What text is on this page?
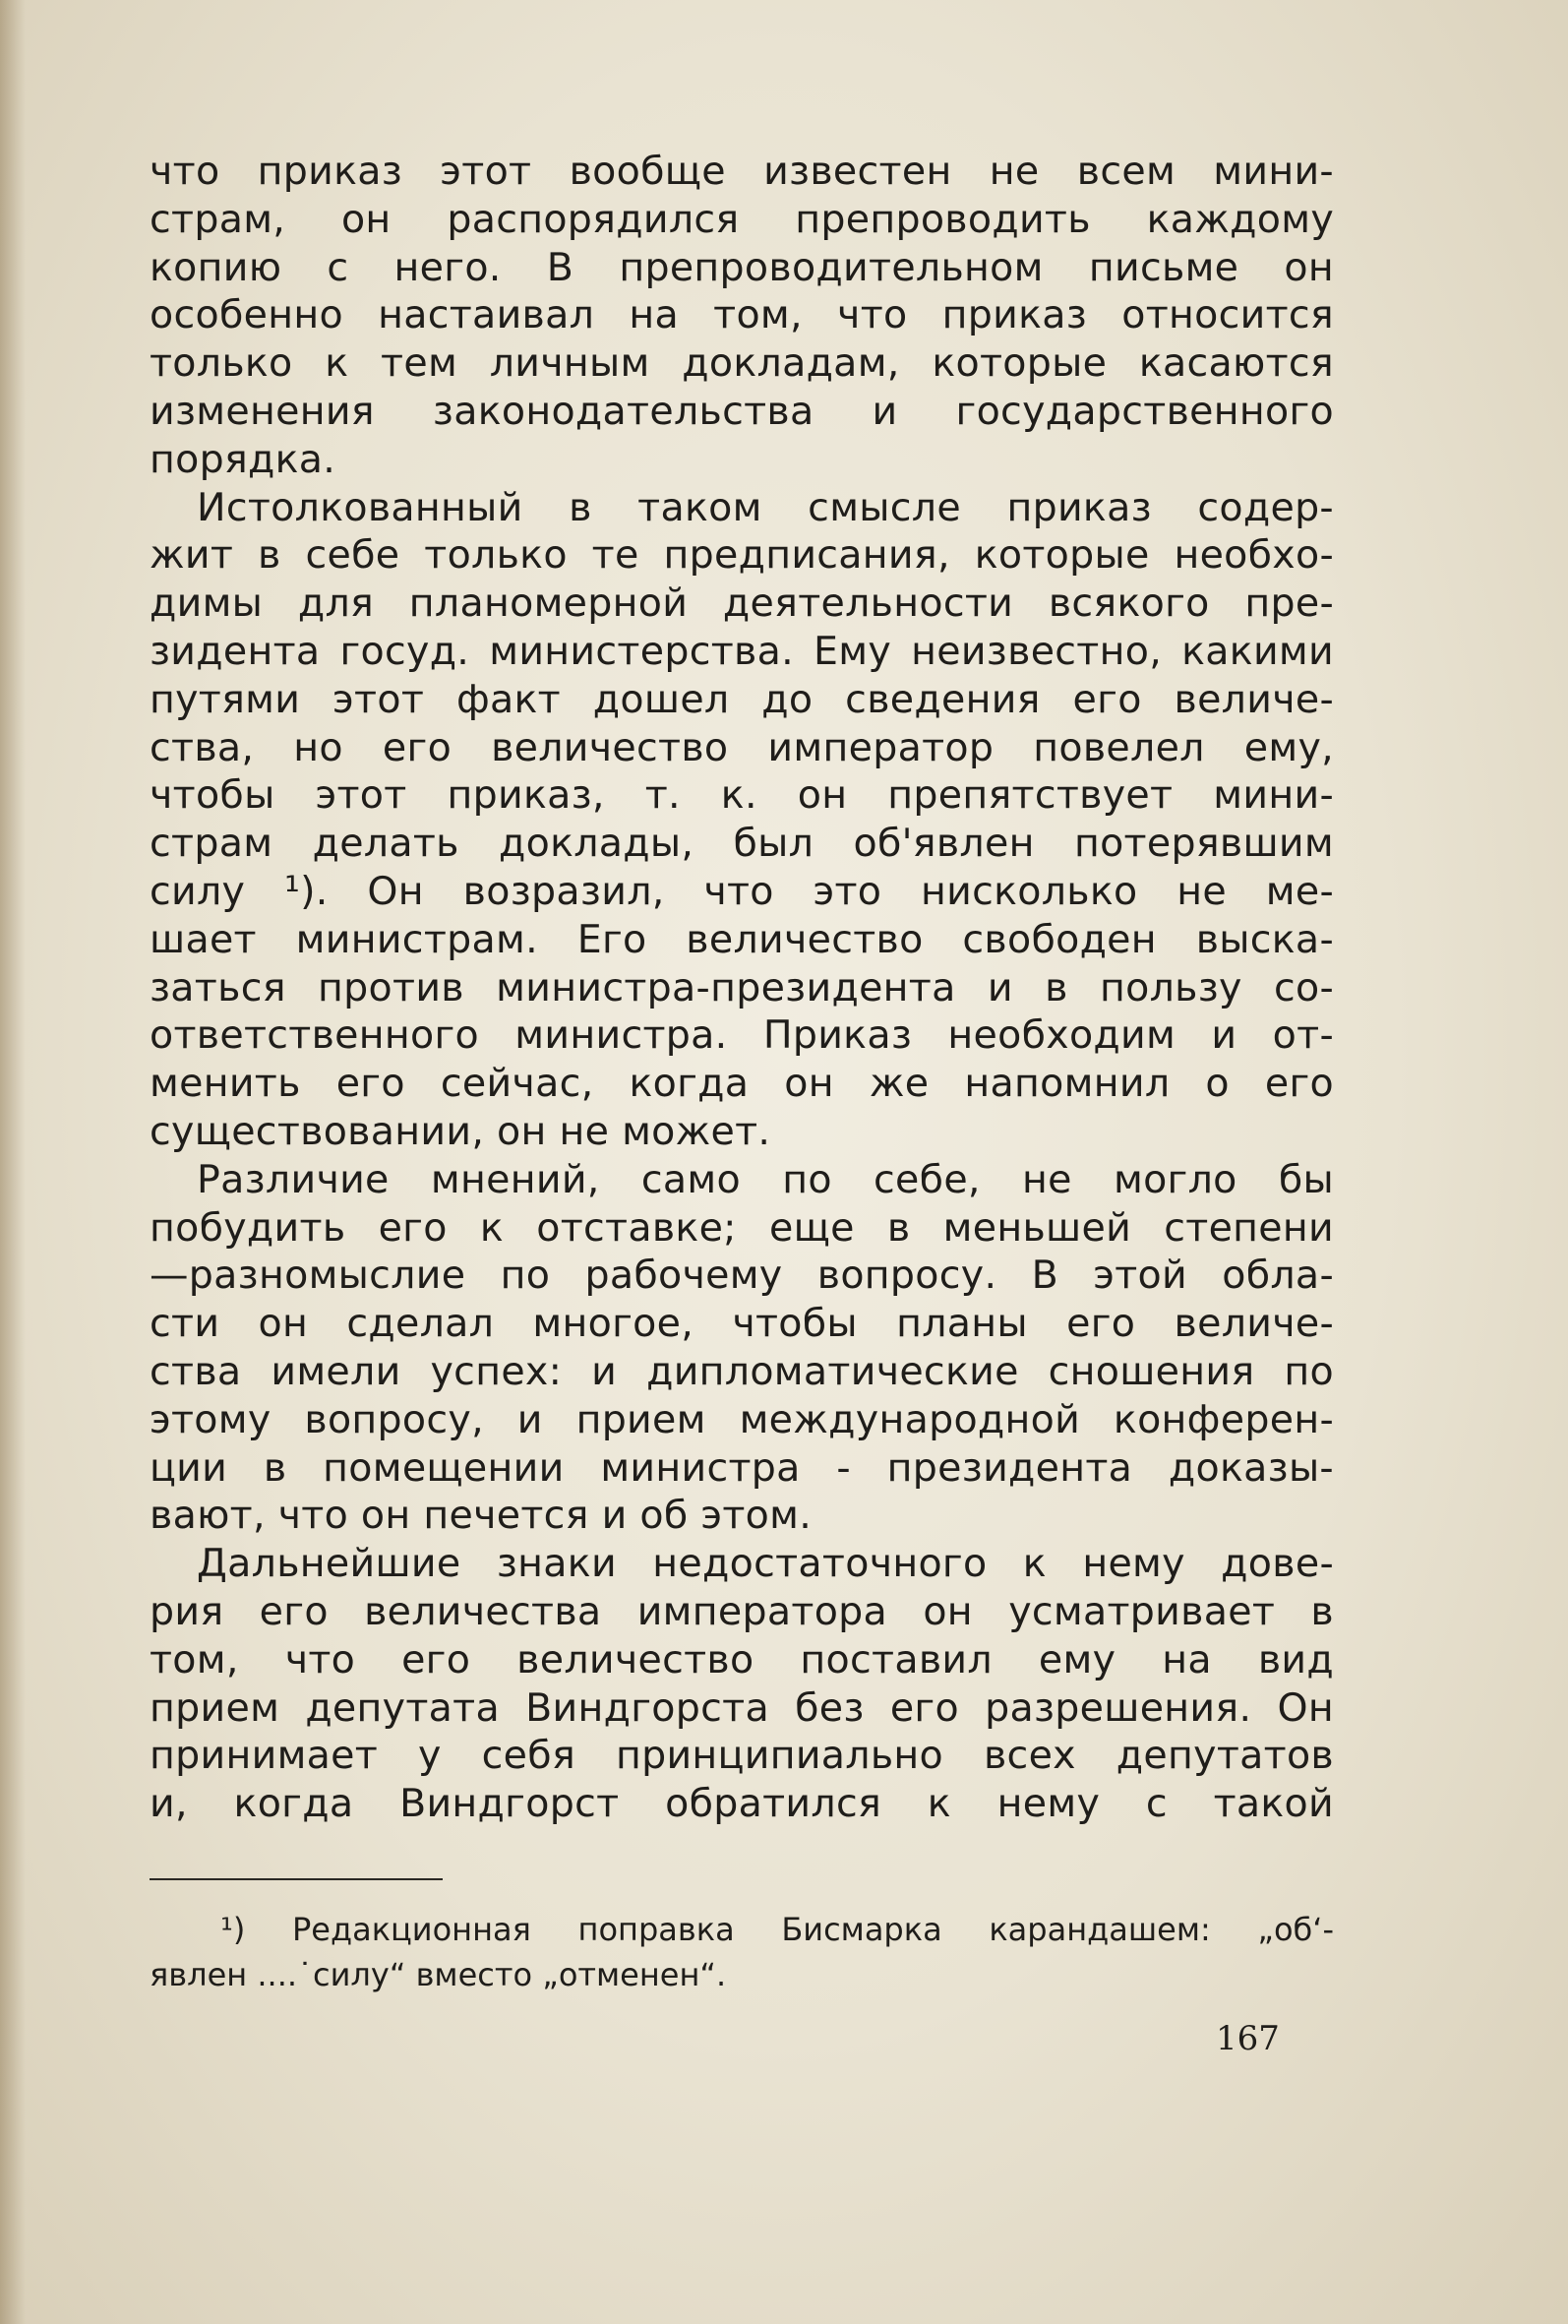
что приказ этот вообще известен не всем мини-
страм, он распорядился препроводить каждому
копию с него. В препроводительном письме он
особенно настаивал на том, что приказ относится
только к тем личным докладам, которые касаются
изменения законодательства и государственного
порядка.
Истолкованный в таком смысле приказ содер-
жит в себе только те предписания, которые необхо-
димы для планомерной деятельности всякого пре-
зидента госуд. министерства. Ему неизвестно, какими
путями этот факт дошел до сведения его величе-
ства, но его величество император повелел ему,
чтобы этот приказ, т. к. он препятствует мини-
страм делать доклады, был об'явлен потерявшим
силу ¹). Он возразил, что это нисколько не ме-
шает министрам. Его величество свободен выска-
заться против министра-президента и в пользу со-
ответственного министра. Приказ необходим и от-
менить его сейчас, когда он же напомнил о его
существовании, он не может.
Различие мнений, само по себе, не могло бы
побудить его к отставке; еще в меньшей степени
—разномыслие по рабочему вопросу. В этой обла-
сти он сделал многое, чтобы планы его величе-
ства имели успех: и дипломатические сношения по
этому вопросу, и прием международной конферен-
ции в помещении министра - президента доказы-
вают, что он печется и об этом.
Дальнейшие знаки недостаточного к нему дове-
рия его величества императора он усматривает в
том, что его величество поставил ему на вид
прием депутата Виндгорста без его разрешения. Он
принимает у себя принципиально всех депутатов
и, когда Виндгорст обратился к нему с такой
¹) Редакционная поправка Бисмарка карандашем: „об‘-
явлен ....˙силу“ вместо „отменен“.
167
